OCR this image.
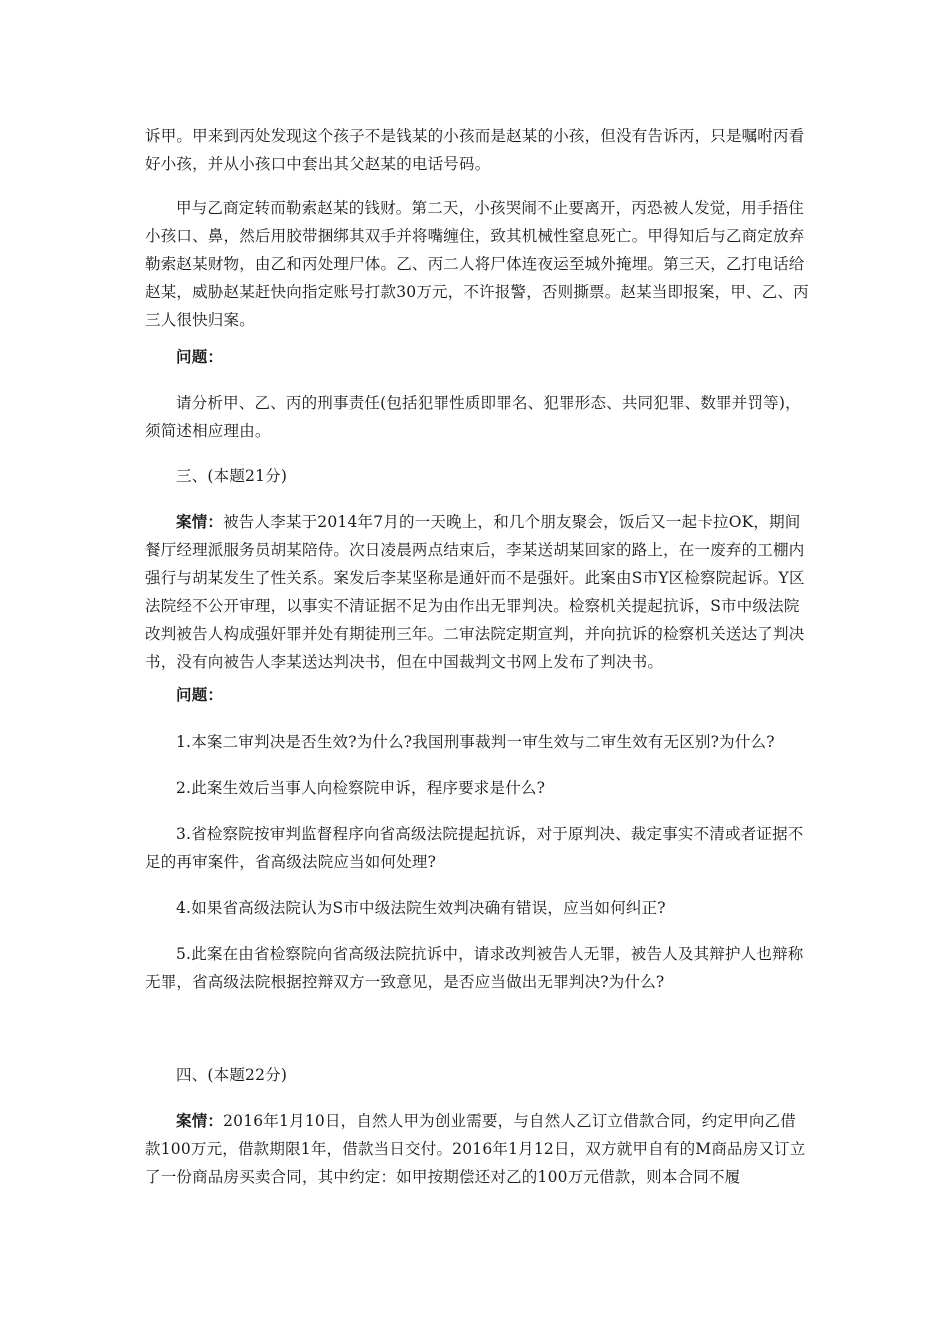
诉甲。甲来到丙处发现这个孩子不是钱某的小孩而是赵某的小孩，但没有告诉丙，只是嘱咐丙看好小孩，并从小孩口中套出其父赵某的电话号码。

甲与乙商定转而勒索赵某的钱财。第二天，小孩哭闹不止要离开，丙恐被人发觉，用手捂住小孩口、鼻，然后用胶带捆绑其双手并将嘴缠住，致其机械性窒息死亡。甲得知后与乙商定放弃勒索赵某财物，由乙和丙处理尸体。乙、丙二人将尸体连夜运至城外掩埋。第三天，乙打电话给赵某，威胁赵某赶快向指定账号打款30万元，不许报警，否则撕票。赵某当即报案，甲、乙、丙三人很快归案。

问题：

请分析甲、乙、丙的刑事责任(包括犯罪性质即罪名、犯罪形态、共同犯罪、数罪并罚等)，须简述相应理由。

三、(本题21分)

案情：被告人李某于2014年7月的一天晚上，和几个朋友聚会，饭后又一起卡拉OK，期间餐厅经理派服务员胡某陪侍。次日凌晨两点结束后，李某送胡某回家的路上，在一废弃的工棚内强行与胡某发生了性关系。案发后李某坚称是通奸而不是强奸。此案由S市Y区检察院起诉。Y区法院经不公开审理，以事实不清证据不足为由作出无罪判决。检察机关提起抗诉，S市中级法院改判被告人构成强奸罪并处有期徒刑三年。二审法院定期宣判，并向抗诉的检察机关送达了判决书，没有向被告人李某送达判决书，但在中国裁判文书网上发布了判决书。

问题：

1.本案二审判决是否生效?为什么?我国刑事裁判一审生效与二审生效有无区别?为什么?

2.此案生效后当事人向检察院申诉，程序要求是什么?

3.省检察院按审判监督程序向省高级法院提起抗诉，对于原判决、裁定事实不清或者证据不足的再审案件，省高级法院应当如何处理?

4.如果省高级法院认为S市中级法院生效判决确有错误，应当如何纠正?

5.此案在由省检察院向省高级法院抗诉中，请求改判被告人无罪，被告人及其辩护人也辩称无罪，省高级法院根据控辩双方一致意见，是否应当做出无罪判决?为什么?

四、(本题22分)

案情：2016年1月10日，自然人甲为创业需要，与自然人乙订立借款合同，约定甲向乙借款100万元，借款期限1年，借款当日交付。2016年1月12日，双方就甲自有的M商品房又订立了一份商品房买卖合同，其中约定：如甲按期偿还对乙的100万元借款，则本合同不履
